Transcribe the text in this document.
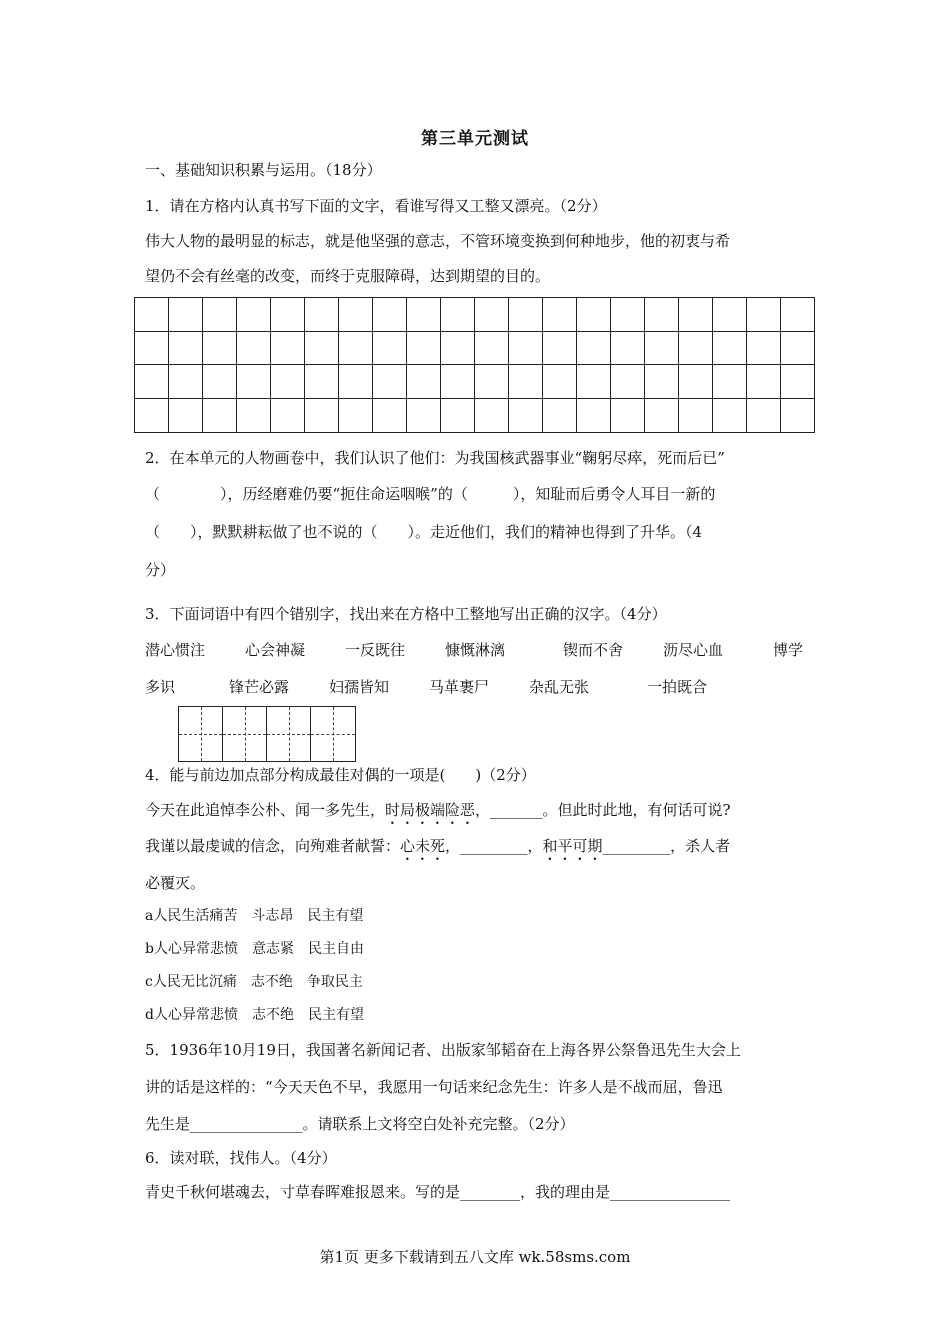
第三单元测试
一、基础知识积累与运用。（18分）
1．请在方格内认真书写下面的文字，看谁写得又工整又漂亮。（2分）
伟大人物的最明显的标志，就是他坚强的意志，不管环境变换到何种地步，他的初衷与希
望仍不会有丝毫的改变，而终于克服障碍，达到期望的目的。
2．在本单元的人物画卷中，我们认识了他们：为我国核武器事业“鞠躬尽瘁，死而后已”
（　　　　），历经磨难仍要“扼住命运咽喉”的（　　　），知耻而后勇令人耳目一新的
（　　），默默耕耘做了也不说的（　　）。走近他们，我们的精神也得到了升华。（4
分）
3．下面词语中有四个错别字，找出来在方格中工整地写出正确的汉字。（4分）
潜心惯注	心会神凝	一反既往	慷慨淋漓	锲而不舍	沥尽心血	博学
多识	锋芒必露	妇孺皆知	马革裹尸	杂乱无张	一拍既合
4．能与前边加点部分构成最佳对偶的一项是(　　)（2分）
今天在此追悼李公朴、闻一多先生，时局极端险恶，_______。但此时此地，有何话可说?
我谨以最虔诚的信念，向殉难者献誓：心未死，_________，和平可期_________，杀人者
必覆灭。
a人民生活痛苦　斗志昂　民主有望
b人心异常悲愤　意志紧　民主自由
c人民无比沉痛　志不绝　争取民主
d人心异常悲愤　志不绝　民主有望
5．1936年10月19日，我国著名新闻记者、出版家邹韬奋在上海各界公祭鲁迅先生大会上
讲的话是这样的：“今天天色不早，我愿用一句话来纪念先生：许多人是不战而屈，鲁迅
先生是_______________。请联系上文将空白处补充完整。（2分）
6．读对联，找伟人。（4分）
青史千秋何堪魂去，寸草春晖难报恩来。写的是________，我的理由是________________
第1页 更多下载请到五八文库 wk.58sms.com
